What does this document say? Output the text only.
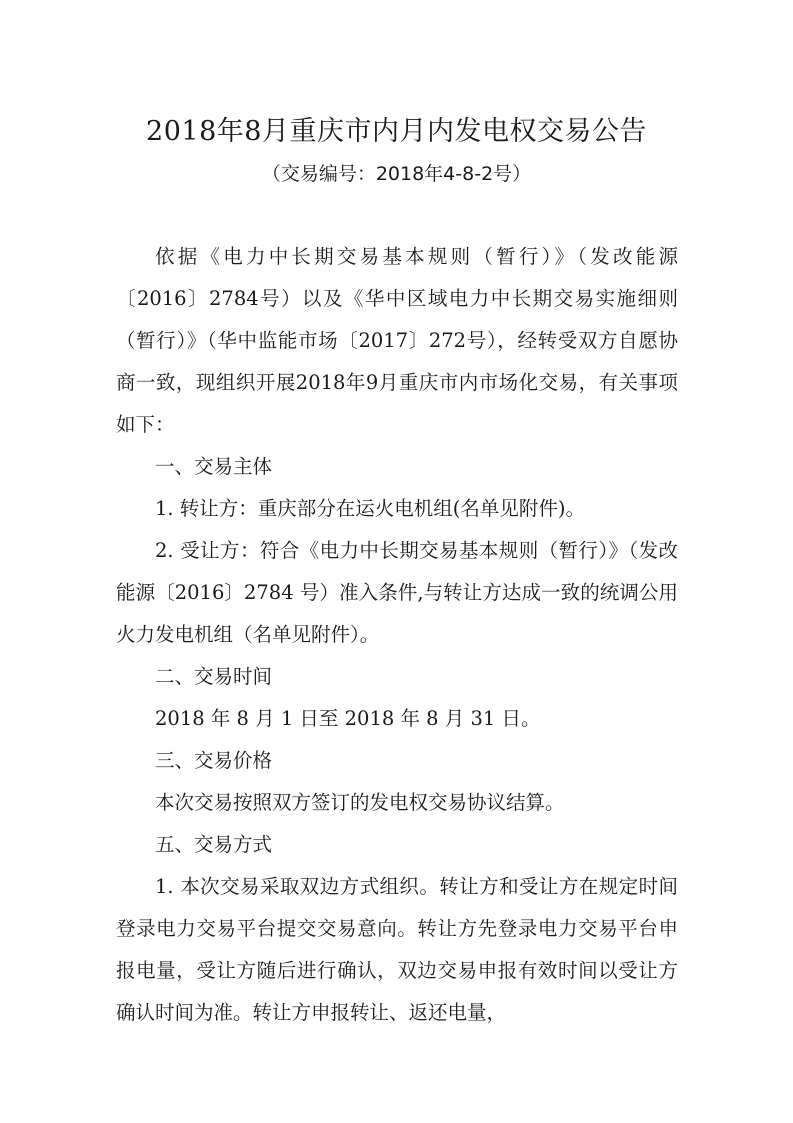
2018年8月重庆市内月内发电权交易公告
（交易编号：2018年4-8-2号）

依据《电力中长期交易基本规则（暂行）》（发改能源〔2016〕2784号）以及《华中区域电力中长期交易实施细则（暂行）》（华中监能市场〔2017〕272号），经转受双方自愿协商一致，现组织开展2018年9月重庆市内市场化交易，有关事项如下：

一、交易主体

1. 转让方：重庆部分在运火电机组(名单见附件)。

2. 受让方：符合《电力中长期交易基本规则（暂行）》（发改能源〔2016〕2784 号）准入条件,与转让方达成一致的统调公用火力发电机组（名单见附件）。

二、交易时间

2018 年 8 月 1 日至 2018 年 8 月 31 日。

三、交易价格

本次交易按照双方签订的发电权交易协议结算。

五、交易方式

1. 本次交易采取双边方式组织。转让方和受让方在规定时间登录电力交易平台提交交易意向。转让方先登录电力交易平台申报电量，受让方随后进行确认，双边交易申报有效时间以受让方确认时间为准。转让方申报转让、返还电量，
